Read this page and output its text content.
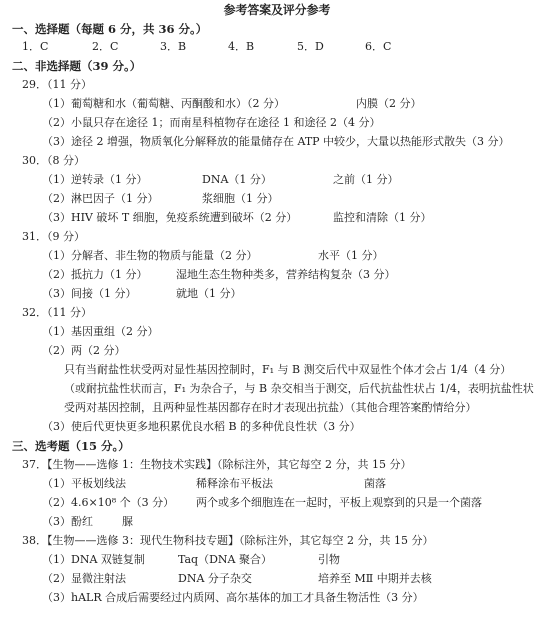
参考答案及评分参考
一、选择题（每题 6 分，共 36 分。）
1．C	2．C	3．B	4．B	5．D	6．C
二、非选择题（39 分。）
29．（11 分）
（1）葡萄糖和水（葡萄糖、丙酮酸和水）（2 分）	内膜（2 分）
（2）小鼠只存在途径 1；而南星科植物存在途径 1 和途径 2（4 分）
（3）途径 2 增强，物质氧化分解释放的能量储存在 ATP 中较少，大量以热能形式散失（3 分）
30．（8 分）
（1）逆转录（1 分）	DNA（1 分）	之前（1 分）
（2）淋巴因子（1 分）	浆细胞（1 分）
（3）HIV 破坏 T 细胞，免疫系统遭到破坏（2 分）	监控和清除（1 分）
31．（9 分）
（1）分解者、非生物的物质与能量（2 分）	水平（1 分）
（2）抵抗力（1 分）	湿地生态生物种类多，营养结构复杂（3 分）
（3）间接（1 分）	就地（1 分）
32．（11 分）
（1）基因重组（2 分）
（2）两（2 分）
只有当耐盐性状受两对显性基因控制时，F₁ 与 B 测交后代中双显性个体才会占 1/4（4 分）
（或耐抗盐性状而言，F₁ 为杂合子，与 B 杂交相当于测交，后代抗盐性状占 1/4，表明抗盐性状
受两对基因控制，且两种显性基因都存在时才表现出抗盐）（其他合理答案酌情给分）
（3）使后代更快更多地积累优良水稻 B 的多种优良性状（3 分）
三、选考题（15 分。）
37．【生物——选修 1：生物技术实践】（除标注外，其它每空 2 分，共 15 分）
（1）平板划线法	稀释涂布平板法	菌落
（2）4.6×10⁸ 个（3 分） 两个或多个细胞连在一起时，平板上观察到的只是一个菌落
（3）酚红	脲
38．【生物——选修 3：现代生物科技专题】（除标注外，其它每空 2 分，共 15 分）
（1）DNA 双链复制	Taq（DNA 聚合）	引物
（2）显微注射法	DNA 分子杂交	培养至 MⅡ 中期并去核
（3）hALR 合成后需要经过内质网、高尔基体的加工才具备生物活性（3 分）
